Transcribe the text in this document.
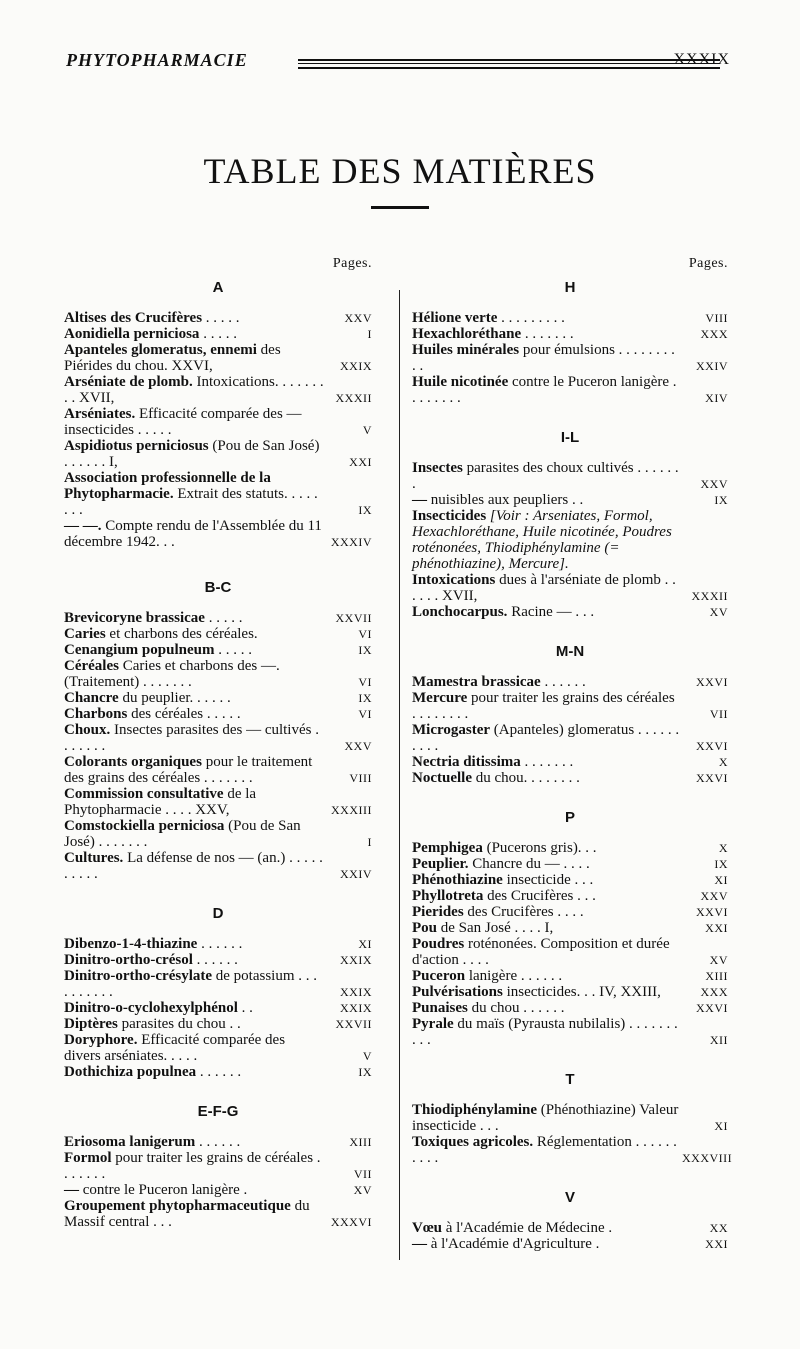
PHYTOPHARMACIE	XXXIX
TABLE DES MATIÈRES
Pages.
A
Altises des Crucifères . . . . .	XXV
Aonidiella perniciosa . . . . .	I
Apanteles glomeratus, ennemi des Piérides du chou. XXVI,	XXIX
Arséniate de plomb. Intoxications. . . . . . . . . XVII,	XXXII
Arséniates. Efficacité comparée des — insecticides . . . . .	V
Aspidiotus perniciosus (Pou de San José) . . . . . . I,	XXI
Association professionnelle de la Phytopharmacie. Extrait des statuts. . . . . . . .	IX
— —. Compte rendu de l'Assemblée du 11 décembre 1942. . .	XXXIV
B-C
Brevicoryne brassicae . . . . .	XXVII
Caries et charbons des céréales.	VI
Cenangium populneum . . . . .	IX
Céréales Caries et charbons des —. (Traitement) . . . . . . .	VI
Chancre du peuplier. . . . . .	IX
Charbons des céréales . . . . .	VI
Choux. Insectes parasites des — cultivés . . . . . . .	XXV
Colorants organiques pour le traitement des grains des céréales . . . . . . .	VIII
Commission consultative de la Phytopharmacie . . . . XXV,	XXXIII
Comstockiella perniciosa (Pou de San José) . . . . . . .	I
Cultures. La défense de nos — (an.) . . . . . . . . . .	XXIV
D
Dibenzo-1-4-thiazine . . . . . .	XI
Dinitro-ortho-crésol . . . . . .	XXIX
Dinitro-ortho-crésylate de potassium . . . . . . . . . .	XXIX
Dinitro-o-cyclohexylphénol . .	XXIX
Diptères parasites du chou . .	XXVII
Doryphore. Efficacité comparée des divers arséniates. . . . .	V
Dothichiza populnea . . . . . .	IX
E-F-G
Eriosoma lanigerum . . . . . .	XIII
Formol pour traiter les grains de céréales . . . . . . .	VII
— contre le Puceron lanigère .	XV
Groupement phytopharmaceutique du Massif central . . .	XXXVI
Pages.
H
Hélione verte . . . . . . . . .	VIII
Hexachloréthane . . . . . . .	XXX
Huiles minérales pour émulsions . . . . . . . . . .	XXIV
Huile nicotinée contre le Puceron lanigère . . . . . . . .	XIV
I-L
Insectes parasites des choux cultivés . . . . . . .	XXV
— nuisibles aux peupliers . .	IX
Insecticides [Voir : Arseniates, Formol, Hexachloréthane, Huile nicotinée, Poudres roténonées, Thiodiphénylamine (= phénothiazine), Mercure].
Intoxications dues à l'arséniate de plomb . . . . . . XVII,	XXXII
Lonchocarpus. Racine — . . .	XV
M-N
Mamestra brassicae . . . . . .	XXVI
Mercure pour traiter les grains des céréales . . . . . . . .	VII
Microgaster (Apanteles) glomeratus . . . . . . . . . .	XXVI
Nectria ditissima . . . . . . .	X
Noctuelle du chou. . . . . . . .	XXVI
P
Pemphigea (Pucerons gris). . .	X
Peuplier. Chancre du — . . . .	IX
Phénothiazine insecticide . . .	XI
Phyllotreta des Crucifères . . .	XXV
Pierides des Crucifères . . . .	XXVI
Pou de San José . . . . I,	XXI
Poudres roténonées. Composition et durée d'action . . . .	XV
Puceron lanigère . . . . . .	XIII
Pulvérisations insecticides. . . IV, XXIII,	XXX
Punaises du chou . . . . . .	XXVI
Pyrale du maïs (Pyrausta nubilalis) . . . . . . . . . .	XII
T
Thiodiphénylamine (Phénothiazine) Valeur insecticide . . .	XI
Toxiques agricoles. Réglementation . . . . . . . . . .	XXXVIII
V
Vœu à l'Académie de Médecine .	XX
— à l'Académie d'Agriculture .	XXI
